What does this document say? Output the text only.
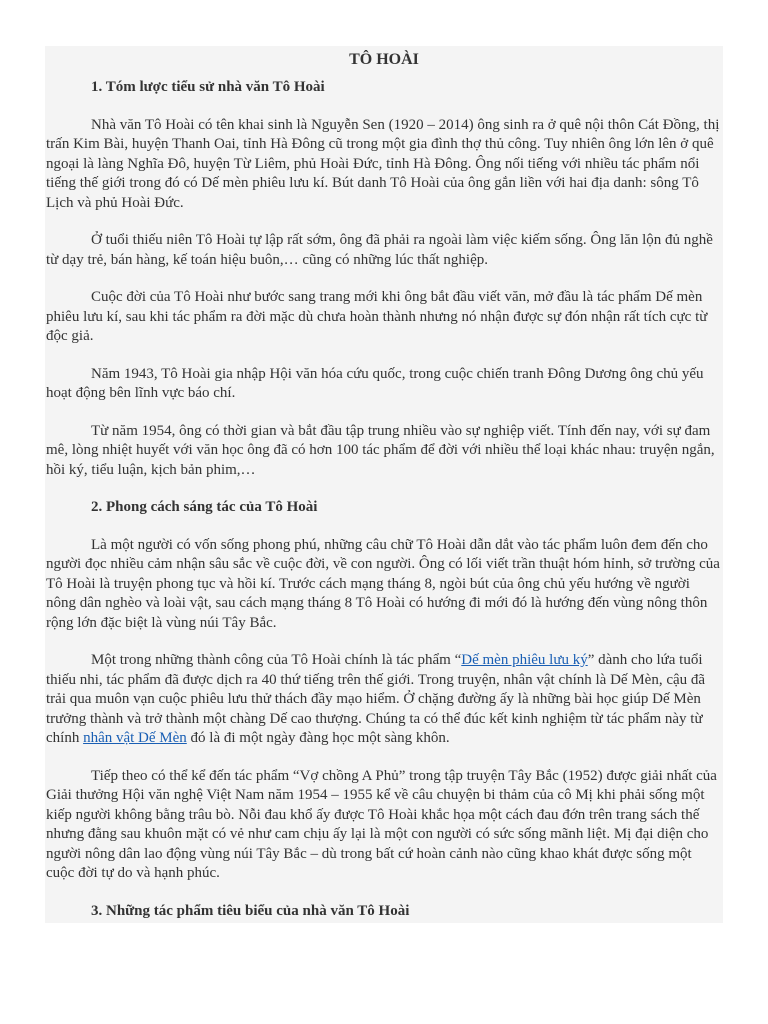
TÔ HOÀI
1. Tóm lược tiểu sử nhà văn Tô Hoài

Nhà văn Tô Hoài có tên khai sinh là Nguyễn Sen (1920 – 2014) ông sinh ra ở quê nội thôn Cát Đồng, thị trấn Kim Bài, huyện Thanh Oai, tỉnh Hà Đông cũ trong một gia đình thợ thủ công. Tuy nhiên ông lớn lên ở quê ngoại là làng Nghĩa Đô, huyện Từ Liêm, phủ Hoài Đức, tỉnh Hà Đông. Ông nối tiếng với nhiều tác phẩm nổi tiếng thế giới trong đó có Dế mèn phiêu lưu kí. Bút danh Tô Hoài của ông gắn liền với hai địa danh: sông Tô Lịch và phủ Hoài Đức.

Ở tuổi thiếu niên Tô Hoài tự lập rất sớm, ông đã phải ra ngoài làm việc kiếm sống. Ông lăn lộn đủ nghề từ dạy trẻ, bán hàng, kế toán hiệu buôn,… cũng có những lúc thất nghiệp.

Cuộc đời của Tô Hoài như bước sang trang mới khi ông bắt đầu viết văn, mở đầu là tác phẩm Dế mèn phiêu lưu kí, sau khi tác phẩm ra đời mặc dù chưa hoàn thành nhưng nó nhận được sự đón nhận rất tích cực từ độc giả.

Năm 1943, Tô Hoài gia nhập Hội văn hóa cứu quốc, trong cuộc chiến tranh Đông Dương ông chủ yếu hoạt động bên lĩnh vực báo chí.

Từ năm 1954, ông có thời gian và bắt đầu tập trung nhiều vào sự nghiệp viết. Tính đến nay, với sự đam mê, lòng nhiệt huyết với văn học ông đã có hơn 100 tác phẩm để đời với nhiều thể loại khác nhau: truyện ngắn, hồi ký, tiểu luận, kịch bản phim,…

2. Phong cách sáng tác của Tô Hoài

Là một người có vốn sống phong phú, những câu chữ Tô Hoài dẫn dắt vào tác phẩm luôn đem đến cho người đọc nhiều cảm nhận sâu sắc về cuộc đời, về con người. Ông có lối viết trần thuật hóm hỉnh, sở trường của Tô Hoài là truyện phong tục và hồi kí. Trước cách mạng tháng 8, ngòi bút của ông chủ yếu hướng về người nông dân nghèo và loài vật, sau cách mạng tháng 8 Tô Hoài có hướng đi mới đó là hướng đến vùng nông thôn rộng lớn đặc biệt là vùng núi Tây Bắc.

Một trong những thành công của Tô Hoài chính là tác phẩm “Dế mèn phiêu lưu ký” dành cho lứa tuổi thiếu nhi, tác phẩm đã được dịch ra 40 thứ tiếng trên thế giới. Trong truyện, nhân vật chính là Dế Mèn, cậu đã trải qua muôn vạn cuộc phiêu lưu thử thách đầy mạo hiểm. Ở chặng đường ấy là những bài học giúp Dế Mèn trưởng thành và trở thành một chàng Dế cao thượng. Chúng ta có thể đúc kết kinh nghiệm từ tác phẩm này từ chính nhân vật Dế Mèn đó là đi một ngày đàng học một sàng khôn.

Tiếp theo có thể kể đến tác phẩm “Vợ chồng A Phủ” trong tập truyện Tây Bắc (1952) được giải nhất của Giải thưởng Hội văn nghệ Việt Nam năm 1954 – 1955 kể về câu chuyện bi thảm của cô Mị khi phải sống một kiếp người không bằng trâu bò. Nỗi đau khổ ấy được Tô Hoài khắc họa một cách đau đớn trên trang sách thế nhưng đằng sau khuôn mặt có vẻ như cam chịu ấy lại là một con người có sức sống mãnh liệt. Mị đại diện cho người nông dân lao động vùng núi Tây Bắc – dù trong bất cứ hoàn cảnh nào cũng khao khát được sống một cuộc đời tự do và hạnh phúc.

3. Những tác phẩm tiêu biểu của nhà văn Tô Hoài
